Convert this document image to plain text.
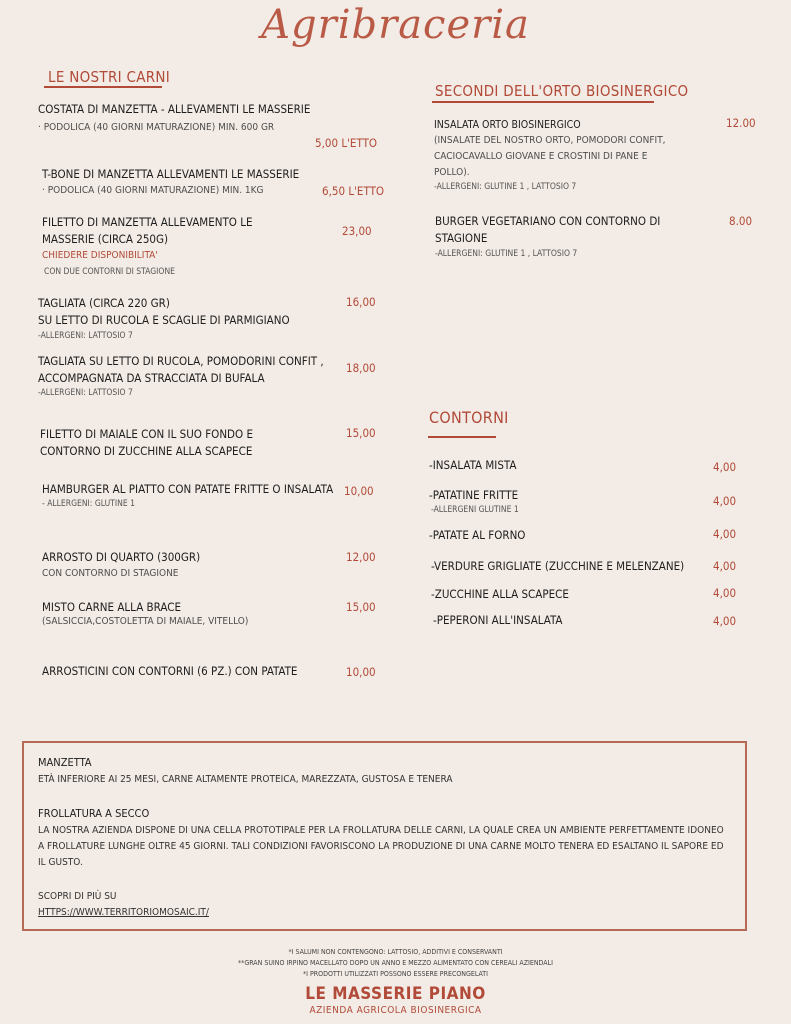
Agribraceria
LE NOSTRI CARNI
COSTATA DI MANZETTA - ALLEVAMENTI LE MASSERIE
· PODOLICA (40 GIORNI MATURAZIONE) MIN. 600 GR
5,00 L'ETTO
T-BONE DI MANZETTA ALLEVAMENTI LE MASSERIE
· PODOLICA (40 GIORNI MATURAZIONE) MIN. 1KG	6,50 L'ETTO
FILETTO DI MANZETTA ALLEVAMENTO LE
MASSERIE (CIRCA 250G)
CHIEDERE DISPONIBILITA'
CON DUE CONTORNI DI STAGIONE
23,00
TAGLIATA (CIRCA 220 GR)
SU LETTO DI RUCOLA E SCAGLIE DI PARMIGIANO
-ALLERGENI: LATTOSIO 7
16,00
TAGLIATA SU LETTO DI RUCOLA, POMODORINI CONFIT ,
ACCOMPAGNATA DA STRACCIATA DI BUFALA
-ALLERGENI: LATTOSIO 7
18,00
FILETTO DI MAIALE CON IL SUO FONDO E
CONTORNO DI ZUCCHINE ALLA SCAPECE
15,00
HAMBURGER AL PIATTO CON PATATE FRITTE O INSALATA
- ALLERGENI: GLUTINE 1
10,00
ARROSTO DI QUARTO (300GR)
CON CONTORNO DI STAGIONE
12,00
MISTO CARNE ALLA BRACE
(SALSICCIA,COSTOLETTA DI MAIALE, VITELLO)
15,00
ARROSTICINI CON CONTORNI (6 PZ.) CON PATATE	10,00
SECONDI DELL'ORTO BIOSINERGICO
INSALATA ORTO BIOSINERGICO
(INSALATE DEL NOSTRO ORTO, POMODORI CONFIT,
CACIOCAVALLO GIOVANE E CROSTINI DI PANE E
POLLO).
-ALLERGENI: GLUTINE 1 , LATTOSIO 7
12.00
BURGER VEGETARIANO CON CONTORNO DI
STAGIONE
-ALLERGENI: GLUTINE 1 , LATTOSIO 7
8.00
CONTORNI
-INSALATA MISTA	4,00
-PATATINE FRITTE
-ALLERGENI GLUTINE 1
4,00
-PATATE AL FORNO	4,00
-VERDURE GRIGLIATE (ZUCCHINE E MELENZANE)	4,00
-ZUCCHINE ALLA SCAPECE	4,00
-PEPERONI ALL'INSALATA	4,00
MANZETTA
ETÀ INFERIORE AI 25 MESI, CARNE ALTAMENTE PROTEICA, MAREZZATA, GUSTOSA E TENERA
FROLLATURA A SECCO
LA NOSTRA AZIENDA DISPONE DI UNA CELLA PROTOTIPALE PER LA FROLLATURA DELLE CARNI, LA QUALE CREA UN AMBIENTE PERFETTAMENTE IDONEO
A FROLLATURE LUNGHE OLTRE 45 GIORNI. TALI CONDIZIONI FAVORISCONO LA PRODUZIONE DI UNA CARNE MOLTO TENERA ED ESALTANO IL SAPORE ED
IL GUSTO.
SCOPRI DI PIÙ SU
HTTPS://WWW.TERRITORIOMOSAIC.IT/
*I SALUMI NON CONTENGONO: LATTOSIO, ADDITIVI E CONSERVANTI
**GRAN SUINO IRPINO MACELLATO DOPO UN ANNO E MEZZO ALIMENTATO CON CEREALI AZIENDALI
*I PRODOTTI UTILIZZATI POSSONO ESSERE PRECONGELATI
LE MASSERIE PIANO
AZIENDA AGRICOLA BIOSINERGICA
